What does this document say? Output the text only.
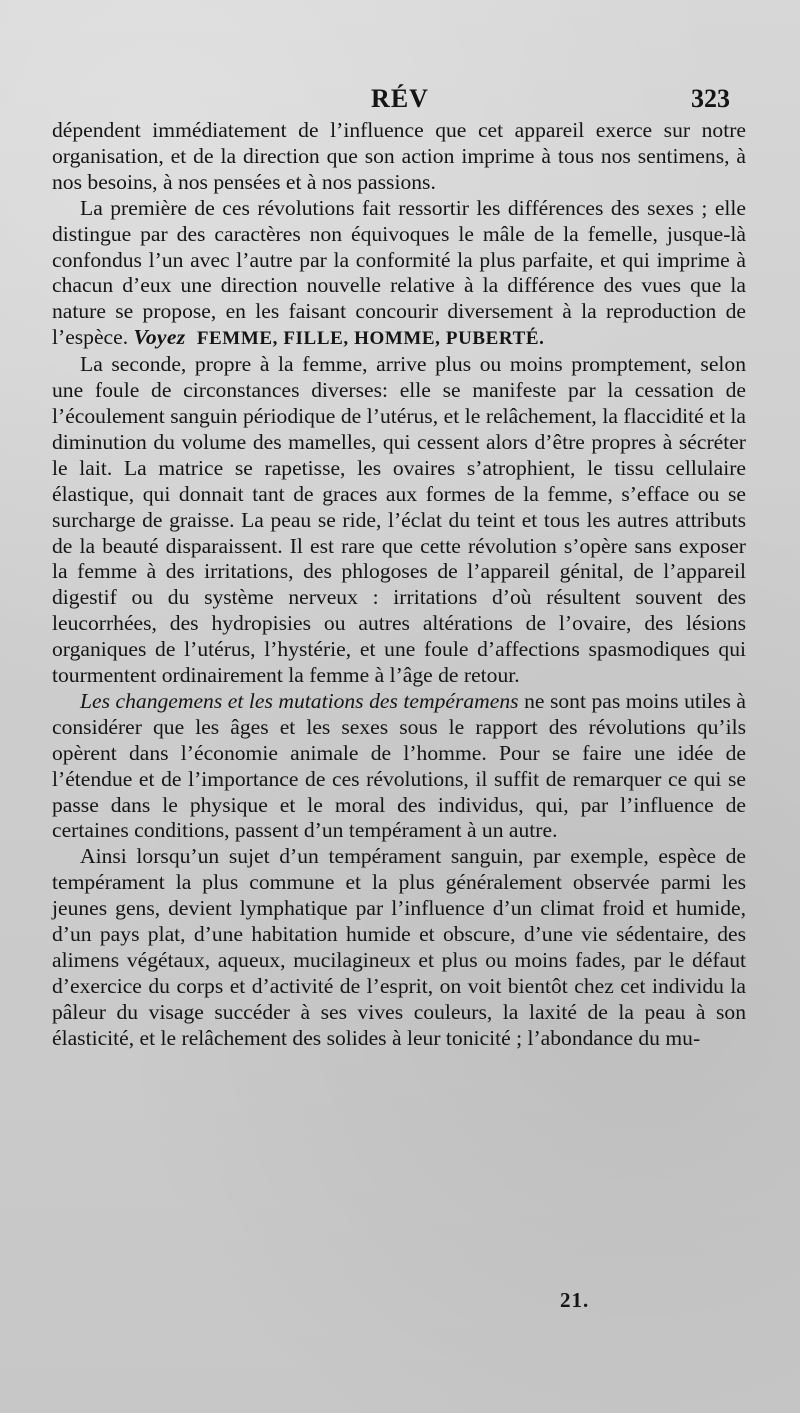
RÉV	323

dépendent immédiatement de l’influence que cet appareil exerce sur notre organisation, et de la direction que son action imprime à tous nos sentimens, à nos besoins, à nos pensées et à nos passions.

La première de ces révolutions fait ressortir les différences des sexes ; elle distingue par des caractères non équivoques le mâle de la femelle, jusque-là confondus l’un avec l’autre par la conformité la plus parfaite, et qui imprime à chacun d’eux une direction nouvelle relative à la différence des vues que la nature se propose, en les faisant concourir diversement à la reproduction de l’espèce. Voyez FEMME, FILLE, HOMME, PUBERTÉ.

La seconde, propre à la femme, arrive plus ou moins promptement, selon une foule de circonstances diverses: elle se manifeste par la cessation de l’écoulement sanguin périodique de l’utérus, et le relâchement, la flaccidité et la diminution du volume des mamelles, qui cessent alors d’être propres à sécréter le lait. La matrice se rapetisse, les ovaires s’atrophient, le tissu cellulaire élastique, qui donnait tant de graces aux formes de la femme, s’efface ou se surcharge de graisse. La peau se ride, l’éclat du teint et tous les autres attributs de la beauté disparaissent. Il est rare que cette révolution s’opère sans exposer la femme à des irritations, des phlogoses de l’appareil génital, de l’appareil digestif ou du système nerveux : irritations d’où résultent souvent des leucorrhées, des hydropisies ou autres altérations de l’ovaire, des lésions organiques de l’utérus, l’hystérie, et une foule d’affections spasmodiques qui tourmentent ordinairement la femme à l’âge de retour.

Les changemens et les mutations des tempéramens ne sont pas moins utiles à considérer que les âges et les sexes sous le rapport des révolutions qu’ils opèrent dans l’économie animale de l’homme. Pour se faire une idée de l’étendue et de l’importance de ces révolutions, il suffit de remarquer ce qui se passe dans le physique et le moral des individus, qui, par l’influence de certaines conditions, passent d’un tempérament à un autre.

Ainsi lorsqu’un sujet d’un tempérament sanguin, par exemple, espèce de tempérament la plus commune et la plus généralement observée parmi les jeunes gens, devient lymphatique par l’influence d’un climat froid et humide, d’un pays plat, d’une habitation humide et obscure, d’une vie sédentaire, des alimens végétaux, aqueux, mucilagineux et plus ou moins fades, par le défaut d’exercice du corps et d’activité de l’esprit, on voit bientôt chez cet individu la pâleur du visage succéder à ses vives couleurs, la laxité de la peau à son élasticité, et le relâchement des solides à leur tonicité ; l’abondance du mu-

21.
